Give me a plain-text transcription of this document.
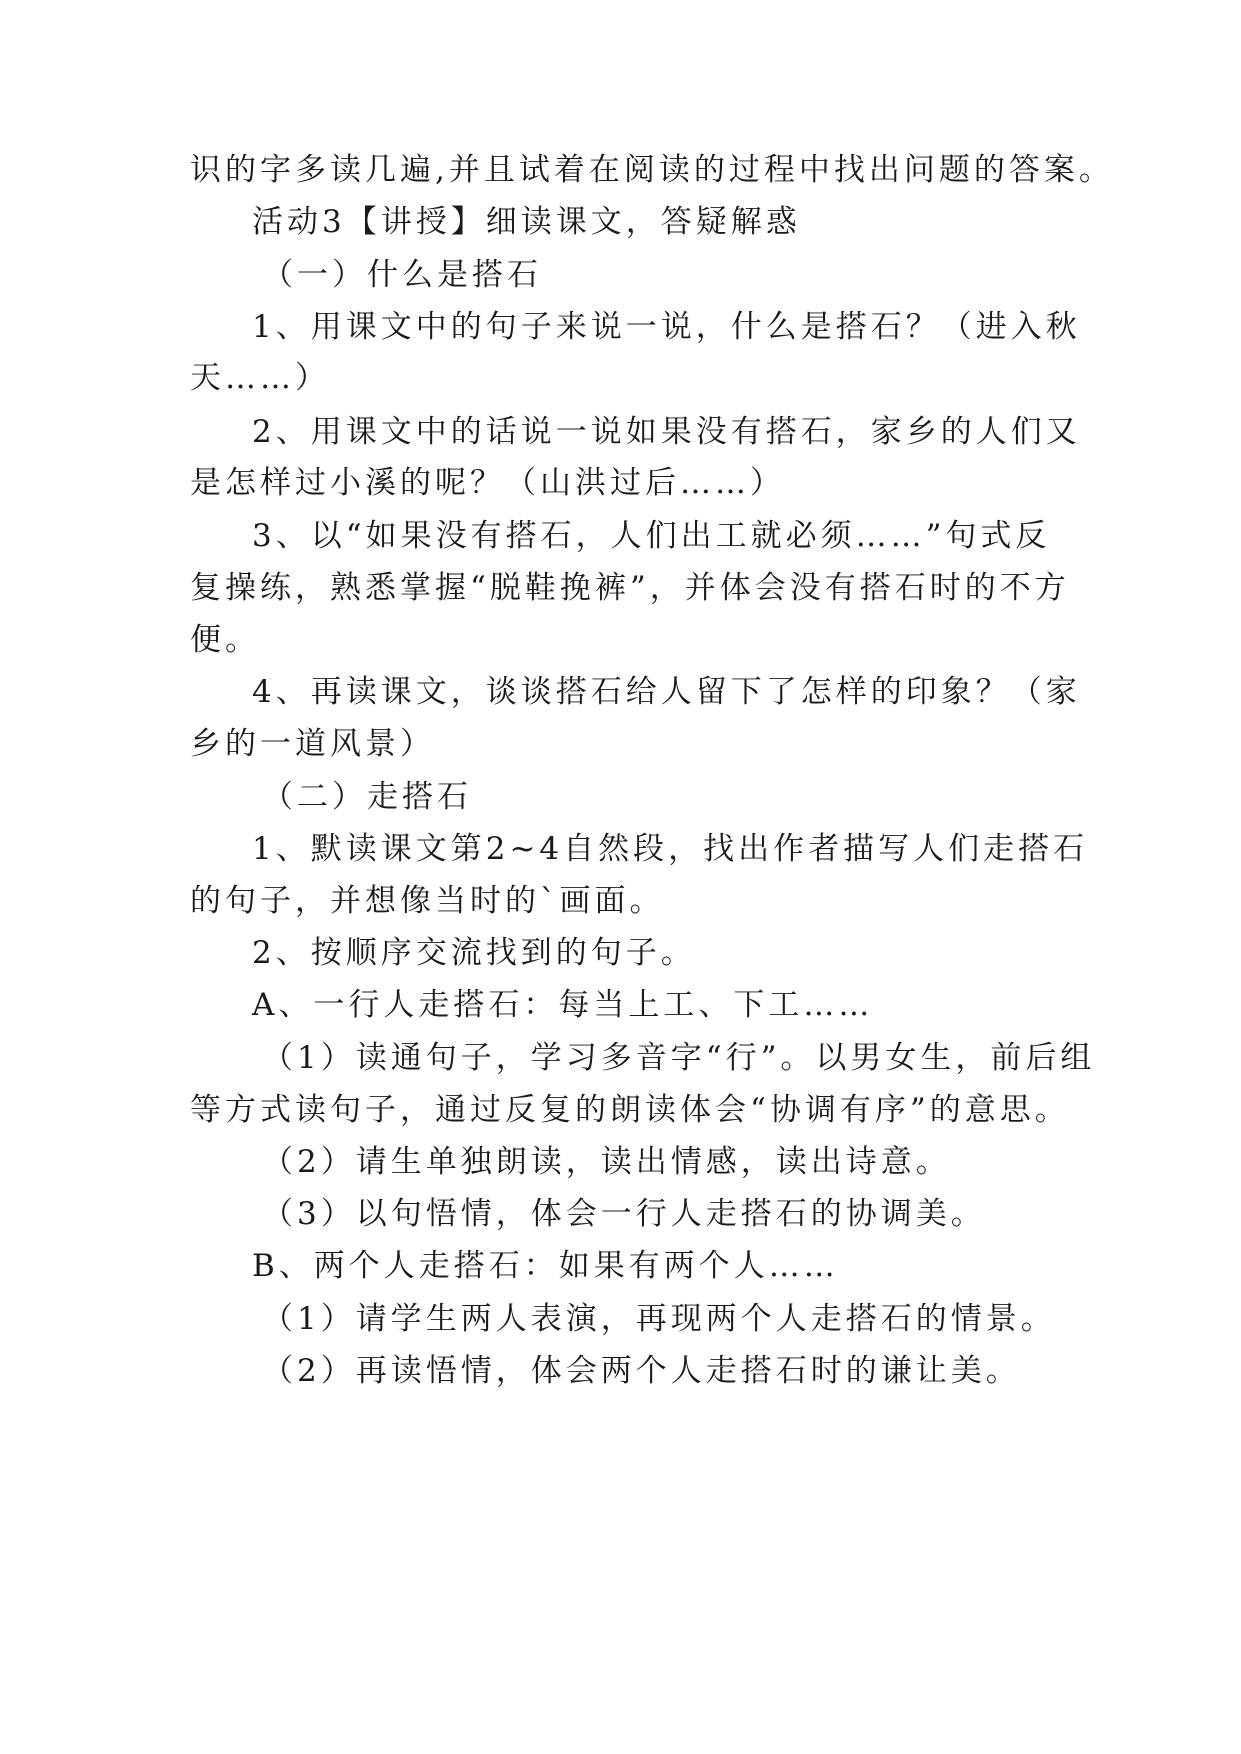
识的字多读几遍,并且试着在阅读的过程中找出问题的答案。
活动3【讲授】细读课文，答疑解惑
（一）什么是搭石
1、用课文中的句子来说一说，什么是搭石？（进入秋
天……）
2、用课文中的话说一说如果没有搭石，家乡的人们又
是怎样过小溪的呢？（山洪过后……）
3、以“如果没有搭石，人们出工就必须……”句式反
复操练，熟悉掌握“脱鞋挽裤”，并体会没有搭石时的不方
便。
4、再读课文，谈谈搭石给人留下了怎样的印象？（家
乡的一道风景）
（二）走搭石
1、默读课文第2~4自然段，找出作者描写人们走搭石
的句子，并想像当时的`画面。
2、按顺序交流找到的句子。
A、一行人走搭石：每当上工、下工……
（1）读通句子，学习多音字“行”。以男女生，前后组
等方式读句子，通过反复的朗读体会“协调有序”的意思。
（2）请生单独朗读，读出情感，读出诗意。
（3）以句悟情，体会一行人走搭石的协调美。
B、两个人走搭石：如果有两个人……
（1）请学生两人表演，再现两个人走搭石的情景。
（2）再读悟情，体会两个人走搭石时的谦让美。
